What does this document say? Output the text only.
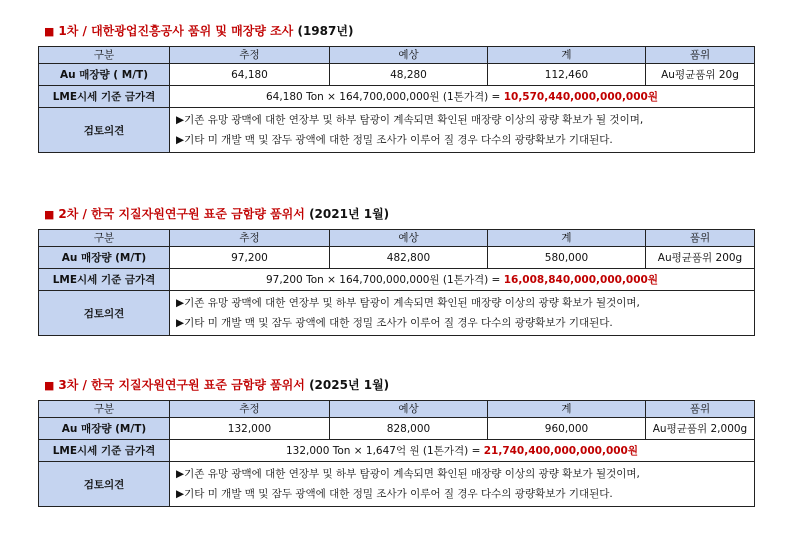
■ 1차 / 대한광업진흥공사 품위 및 매장량 조사 (1987년)
구분	추정	예상	계	품위
Au 매장량 ( M/T)	64,180	48,280	112,460	Au평균품위 20g
LME시세 기준 금가격	64,180 Ton × 164,700,000,000원 (1톤가격) = 10,570,440,000,000,000원			
검토의견	▶기존 유망 광맥에 대한 연장부 및 하부 탐광이 계속되면 확인된 매장량 이상의 광량 확보가 될 것이며,
▶기타 미 개발 맥 및 잠두 광액에 대한 정밀 조사가 이루어 질 경우 다수의 광량확보가 기대된다.			
■ 2차 / 한국 지질자원연구원 표준 금함량 품위서 (2021년 1월)
구분	추정	예상	계	품위
Au 매장량 (M/T)	97,200	482,800	580,000	Au평균품위 200g
LME시세 기준 금가격	97,200 Ton × 164,700,000,000원 (1톤가격) = 16,008,840,000,000,000원			
검토의견	▶기존 유망 광맥에 대한 연장부 및 하부 탐광이 계속되면 확인된 매장량 이상의 광량 확보가 될것이며,
▶기타 미 개발 맥 및 잠두 광액에 대한 정밀 조사가 이루어 질 경우 다수의 광량확보가 기대된다.			
■ 3차 / 한국 지질자원연구원 표준 금함량 품위서 (2025년 1월)
구분	추정	예상	계	품위
Au 매장량 (M/T)	132,000	828,000	960,000	Au평균품위 2,000g
LME시세 기준 금가격	132,000 Ton × 1,647억 원 (1톤가격) = 21,740,400,000,000,000원			
검토의견	▶기존 유망 광맥에 대한 연장부 및 하부 탐광이 계속되면 확인된 매장량 이상의 광량 확보가 될것이며,
▶기타 미 개발 맥 및 잠두 광액에 대한 정밀 조사가 이루어 질 경우 다수의 광량확보가 기대된다.			
